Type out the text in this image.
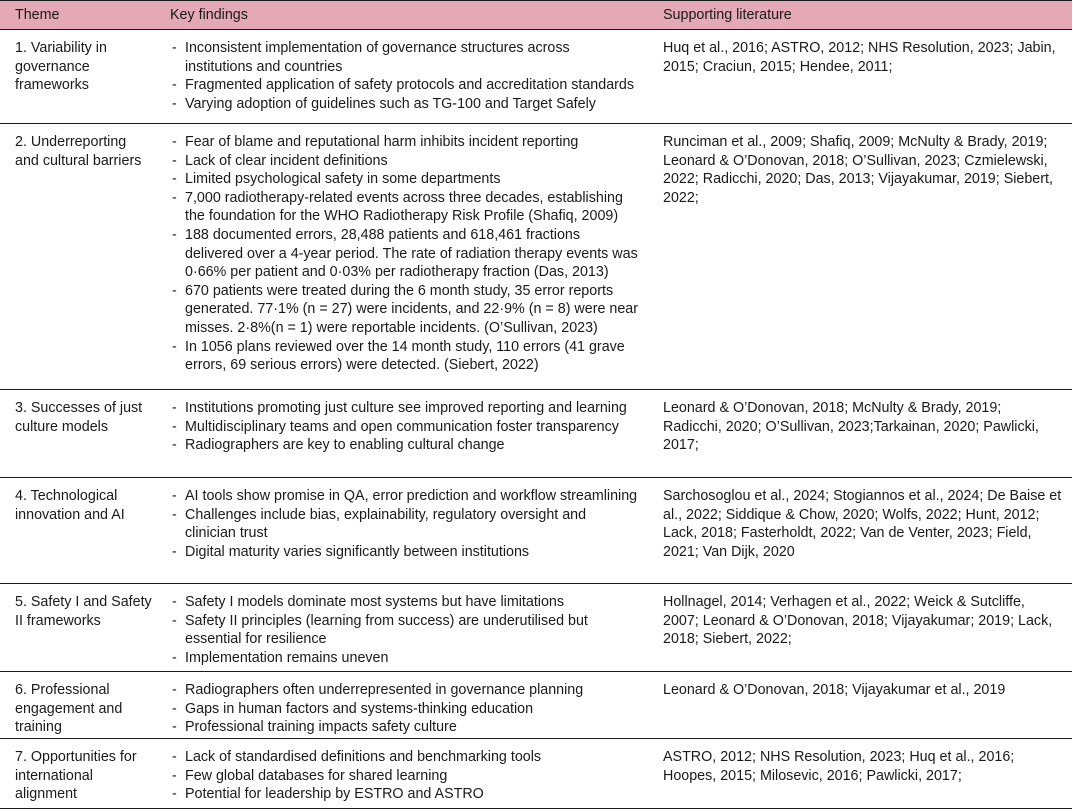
Theme	Key findings	Supporting literature
1. Variability in governance frameworks
- Inconsistent implementation of governance structures across institutions and countries
- Fragmented application of safety protocols and accreditation standards
- Varying adoption of guidelines such as TG-100 and Target Safely
Huq et al., 2016; ASTRO, 2012; NHS Resolution, 2023; Jabin, 2015; Craciun, 2015; Hendee, 2011;
2. Underreporting and cultural barriers
- Fear of blame and reputational harm inhibits incident reporting
- Lack of clear incident definitions
- Limited psychological safety in some departments
- 7,000 radiotherapy-related events across three decades, establishing the foundation for the WHO Radiotherapy Risk Profile (Shafiq, 2009)
- 188 documented errors, 28,488 patients and 618,461 fractions delivered over a 4-year period. The rate of radiation therapy events was 0·66% per patient and 0·03% per radiotherapy fraction (Das, 2013)
- 670 patients were treated during the 6 month study, 35 error reports generated. 77·1% (n = 27) were incidents, and 22·9% (n = 8) were near misses. 2·8%(n = 1) were reportable incidents. (O’Sullivan, 2023)
- In 1056 plans reviewed over the 14 month study, 110 errors (41 grave errors, 69 serious errors) were detected. (Siebert, 2022)
Runciman et al., 2009; Shafiq, 2009; McNulty & Brady, 2019; Leonard & O’Donovan, 2018; O’Sullivan, 2023; Czmielewski, 2022; Radicchi, 2020; Das, 2013; Vijayakumar, 2019; Siebert, 2022;
3. Successes of just culture models
- Institutions promoting just culture see improved reporting and learning
- Multidisciplinary teams and open communication foster transparency
- Radiographers are key to enabling cultural change
Leonard & O’Donovan, 2018; McNulty & Brady, 2019; Radicchi, 2020; O’Sullivan, 2023;Tarkainan, 2020; Pawlicki, 2017;
4. Technological innovation and AI
- AI tools show promise in QA, error prediction and workflow streamlining
- Challenges include bias, explainability, regulatory oversight and clinician trust
- Digital maturity varies significantly between institutions
Sarchosoglou et al., 2024; Stogiannos et al., 2024; De Baise et al., 2022; Siddique & Chow, 2020; Wolfs, 2022; Hunt, 2012; Lack, 2018; Fasterholdt, 2022; Van de Venter, 2023; Field, 2021; Van Dijk, 2020
5. Safety I and Safety II frameworks
- Safety I models dominate most systems but have limitations
- Safety II principles (learning from success) are underutilised but essential for resilience
- Implementation remains uneven
Hollnagel, 2014; Verhagen et al., 2022; Weick & Sutcliffe, 2007; Leonard & O’Donovan, 2018; Vijayakumar; 2019; Lack, 2018; Siebert, 2022;
6. Professional engagement and training
- Radiographers often underrepresented in governance planning
- Gaps in human factors and systems-thinking education
- Professional training impacts safety culture
Leonard & O’Donovan, 2018; Vijayakumar et al., 2019
7. Opportunities for international alignment
- Lack of standardised definitions and benchmarking tools
- Few global databases for shared learning
- Potential for leadership by ESTRO and ASTRO
ASTRO, 2012; NHS Resolution, 2023; Huq et al., 2016; Hoopes, 2015; Milosevic, 2016; Pawlicki, 2017;
